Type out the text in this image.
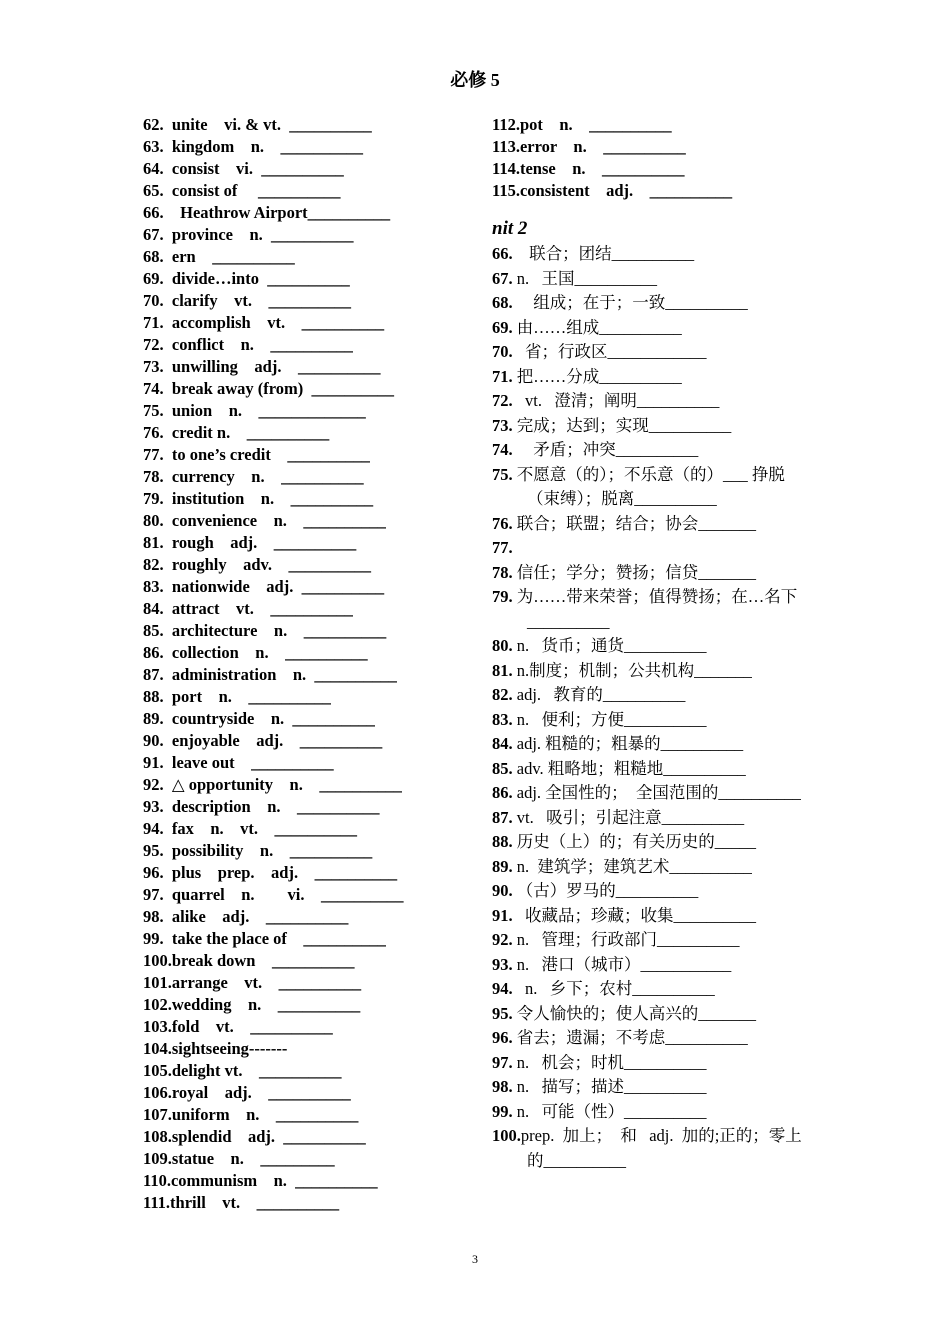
必修 5
62.  unite    vi. & vt.  __________
63.  kingdom    n.    __________
64.  consist    vi.  __________
65.  consist of     __________
66.    Heathrow Airport__________
67.  province    n.  __________
68.  ern    __________
69.  divide…into  __________
70.  clarify    vt.    __________
71.  accomplish    vt.    __________
72.  conflict    n.    __________
73.  unwilling    adj.    __________
74.  break away (from)  __________
75.  union    n.    _____________
76.  credit n.    __________
77.  to one’s credit    __________
78.  currency    n.    __________
79.  institution    n.    __________
80.  convenience    n.    __________
81.  rough    adj.    __________
82.  roughly    adv.    __________
83.  nationwide    adj.  __________
84.  attract    vt.    __________
85.  architecture    n.    __________
86.  collection    n.    __________
87.  administration    n.  __________
88.  port    n.    __________
89.  countryside    n.  __________
90.  enjoyable    adj.    __________
91.  leave out    __________
92.  △ opportunity    n.    __________
93.  description    n.    __________
94.  fax    n.    vt.    __________
95.  possibility    n.    __________
96.  plus    prep.    adj.    __________
97.  quarrel    n.        vi.    __________
98.  alike    adj.    __________
99.  take the place of    __________
100.break down    __________
101.arrange    vt.    __________
102.wedding    n.    __________
103.fold    vt.    __________
104.sightseeing-------
105.delight vt.    __________
106.royal    adj.    __________
107.uniform    n.    __________
108.splendid    adj.  __________
109.statue    n.    _________
110.communism    n.  __________
111.thrill    vt.    __________
112.pot    n.    __________
113.error    n.    __________
114.tense    n.    __________
115.consistent    adj.    __________
nit 2
66.    联合；团结__________
67. n.   王国__________
68.     组成；在于；一致__________
69. 由……组成__________
70.   省；行政区____________
71. 把……分成__________
72.   vt.   澄清；阐明__________
73. 完成；达到；实现__________
74.     矛盾；冲突__________
75. 不愿意（的）；不乐意（的）___ 挣脱（束缚）；脱离__________
76. 联合；联盟；结合；协会_______
77.
78. 信任；学分；赞扬；信贷_______
79. 为……带来荣誉；值得赞扬；在…名下__________
80. n.   货币；通货__________
81. n.制度；机制；公共机构_______
82. adj.   教育的__________
83. n.   便利；方便__________
84. adj. 粗糙的；粗暴的__________
85. adv. 粗略地；粗糙地__________
86. adj. 全国性的；  全国范围的__________
87. vt.   吸引；引起注意__________
88. 历史（上）的；有关历史的_____
89. n.  建筑学；建筑艺术__________
90. （古）罗马的__________
91.   收藏品；珍藏；收集__________
92. n.   管理；行政部门__________
93. n.   港口（城市）___________
94.   n.   乡下；农村__________
95. 令人愉快的；使人高兴的_______
96. 省去；遗漏；不考虑__________
97. n.   机会；时机__________
98. n.   描写；描述__________
99. n.   可能（性）__________
100.prep.  加上；  和   adj.  加的;正的；零上的__________
3
